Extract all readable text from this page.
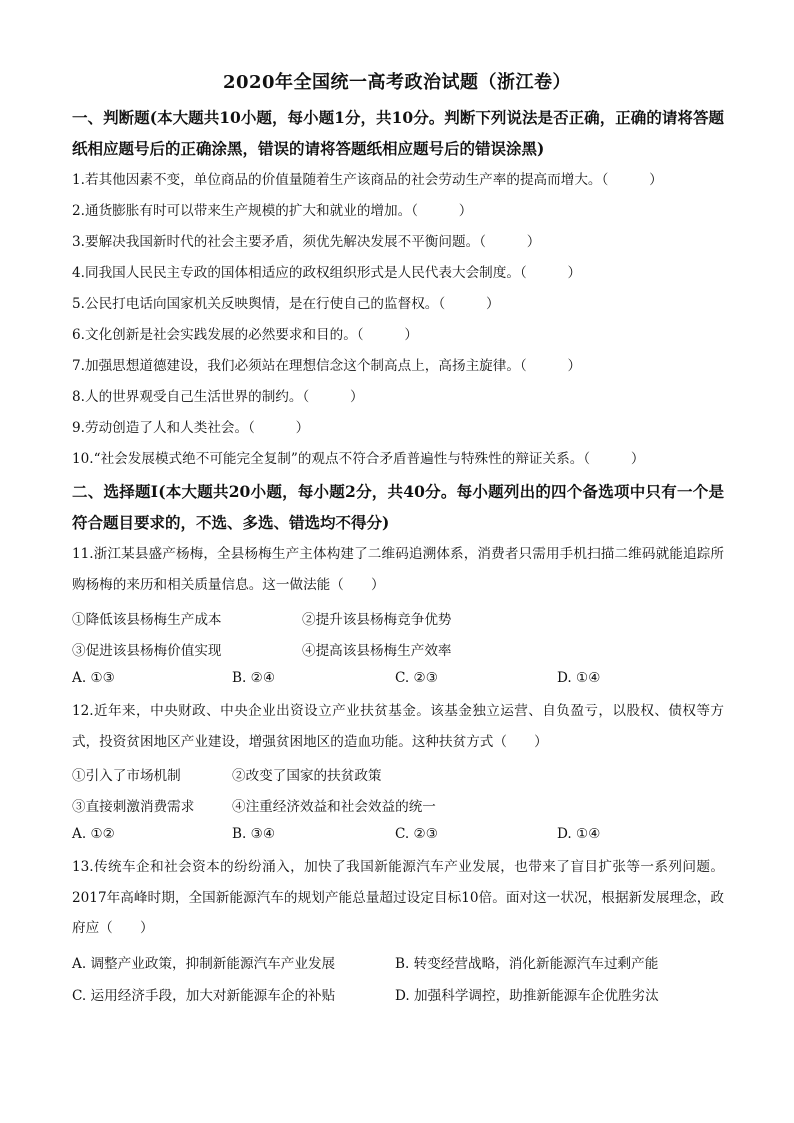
2020年全国统一高考政治试题（浙江卷）
一、判断题(本大题共10小题，每小题1分，共10分。判断下列说法是否正确，正确的请将答题纸相应题号后的正确涂黑，错误的请将答题纸相应题号后的错误涂黑)
1.若其他因素不变，单位商品的价值量随着生产该商品的社会劳动生产率的提高而增大。（　　　）
2.通货膨胀有时可以带来生产规模的扩大和就业的增加。（　　　）
3.要解决我国新时代的社会主要矛盾，须优先解决发展不平衡问题。（　　　）
4.同我国人民民主专政的国体相适应的政权组织形式是人民代表大会制度。（　　　）
5.公民打电话向国家机关反映舆情，是在行使自己的监督权。（　　　）
6.文化创新是社会实践发展的必然要求和目的。（　　　）
7.加强思想道德建设，我们必须站在理想信念这个制高点上，高扬主旋律。（　　　）
8.人的世界观受自己生活世界的制约。（　　　）
9.劳动创造了人和人类社会。（　　　）
10.“社会发展模式绝不可能完全复制”的观点不符合矛盾普遍性与特殊性的辩证关系。（　　　）
二、选择题Ⅰ(本大题共20小题，每小题2分，共40分。每小题列出的四个备选项中只有一个是符合题目要求的，不选、多选、错选均不得分)
11.浙江某县盛产杨梅，全县杨梅生产主体构建了二维码追溯体系，消费者只需用手机扫描二维码就能追踪所购杨梅的来历和相关质量信息。这一做法能（　　）
①降低该县杨梅生产成本	②提升该县杨梅竞争优势
③促进该县杨梅价值实现	④提高该县杨梅生产效率
A. ①③	B. ②④	C. ②③	D. ①④
12.近年来，中央财政、中央企业出资设立产业扶贫基金。该基金独立运营、自负盈亏，以股权、债权等方式，投资贫困地区产业建设，增强贫困地区的造血功能。这种扶贫方式（　　）
①引入了市场机制	②改变了国家的扶贫政策
③直接刺激消费需求	④注重经济效益和社会效益的统一
A. ①②	B. ③④	C. ②③	D. ①④
13.传统车企和社会资本的纷纷涌入，加快了我国新能源汽车产业发展，也带来了盲目扩张等一系列问题。2017年高峰时期，全国新能源汽车的规划产能总量超过设定目标10倍。面对这一状况，根据新发展理念，政府应（　　）
A. 调整产业政策，抑制新能源汽车产业发展	B. 转变经营战略，消化新能源汽车过剩产能
C. 运用经济手段，加大对新能源车企的补贴	D. 加强科学调控，助推新能源车企优胜劣汰
